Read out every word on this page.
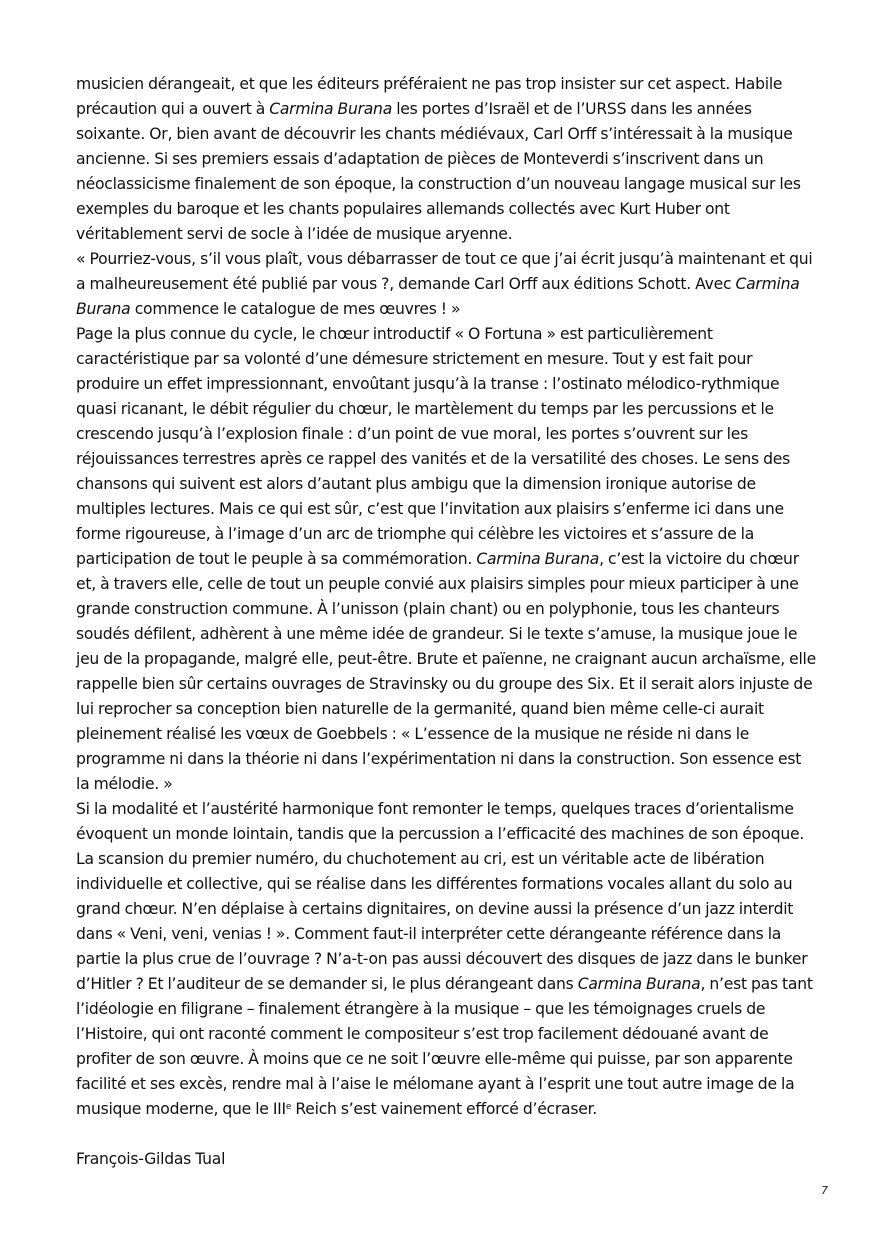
musicien dérangeait, et que les éditeurs préféraient ne pas trop insister sur cet aspect. Habile précaution qui a ouvert à Carmina Burana les portes d’Israël et de l’URSS dans les années soixante. Or, bien avant de découvrir les chants médiévaux, Carl Orff s’intéressait à la musique ancienne. Si ses premiers essais d’adaptation de pièces de Monteverdi s’inscrivent dans un néoclassicisme finalement de son époque, la construction d’un nouveau langage musical sur les exemples du baroque et les chants populaires allemands collectés avec Kurt Huber ont véritablement servi de socle à l’idée de musique aryenne.

« Pourriez-vous, s’il vous plaît, vous débarrasser de tout ce que j’ai écrit jusqu’à maintenant et qui a malheureusement été publié par vous ?, demande Carl Orff aux éditions Schott. Avec Carmina Burana commence le catalogue de mes œuvres ! »

Page la plus connue du cycle, le chœur introductif « O Fortuna » est particulièrement caractéristique par sa volonté d’une démesure strictement en mesure. Tout y est fait pour produire un effet impressionnant, envoûtant jusqu’à la transe : l’ostinato mélodico-rythmique quasi ricanant, le débit régulier du chœur, le martèlement du temps par les percussions et le crescendo jusqu’à l’explosion finale : d’un point de vue moral, les portes s’ouvrent sur les réjouissances terrestres après ce rappel des vanités et de la versatilité des choses. Le sens des chansons qui suivent est alors d’autant plus ambigu que la dimension ironique autorise de multiples lectures. Mais ce qui est sûr, c’est que l’invitation aux plaisirs s’enferme ici dans une forme rigoureuse, à l’image d’un arc de triomphe qui célèbre les victoires et s’assure de la participation de tout le peuple à sa commémoration. Carmina Burana, c’est la victoire du chœur et, à travers elle, celle de tout un peuple convié aux plaisirs simples pour mieux participer à une grande construction commune. À l’unisson (plain chant) ou en polyphonie, tous les chanteurs soudés défilent, adhèrent à une même idée de grandeur. Si le texte s’amuse, la musique joue le jeu de la propagande, malgré elle, peut-être. Brute et païenne, ne craignant aucun archaïsme, elle rappelle bien sûr certains ouvrages de Stravinsky ou du groupe des Six. Et il serait alors injuste de lui reprocher sa conception bien naturelle de la germanité, quand bien même celle-ci aurait pleinement réalisé les vœux de Goebbels : « L’essence de la musique ne réside ni dans le programme ni dans la théorie ni dans l’expérimentation ni dans la construction. Son essence est la mélodie. »

Si la modalité et l’austérité harmonique font remonter le temps, quelques traces d’orientalisme évoquent un monde lointain, tandis que la percussion a l’efficacité des machines de son époque. La scansion du premier numéro, du chuchotement au cri, est un véritable acte de libération individuelle et collective, qui se réalise dans les différentes formations vocales allant du solo au grand chœur. N’en déplaise à certains dignitaires, on devine aussi la présence d’un jazz interdit dans « Veni, veni, venias ! ». Comment faut-il interpréter cette dérangeante référence dans la partie la plus crue de l’ouvrage ? N’a-t-on pas aussi découvert des disques de jazz dans le bunker d’Hitler ? Et l’auditeur de se demander si, le plus dérangeant dans Carmina Burana, n’est pas tant l’idéologie en filigrane – finalement étrangère à la musique – que les témoignages cruels de l’Histoire, qui ont raconté comment le compositeur s’est trop facilement dédouané avant de profiter de son œuvre. À moins que ce ne soit l’œuvre elle-même qui puisse, par son apparente facilité et ses excès, rendre mal à l’aise le mélomane ayant à l’esprit une tout autre image de la musique moderne, que le IIIe Reich s’est vainement efforcé d’écraser.

François-Gildas Tual

7
